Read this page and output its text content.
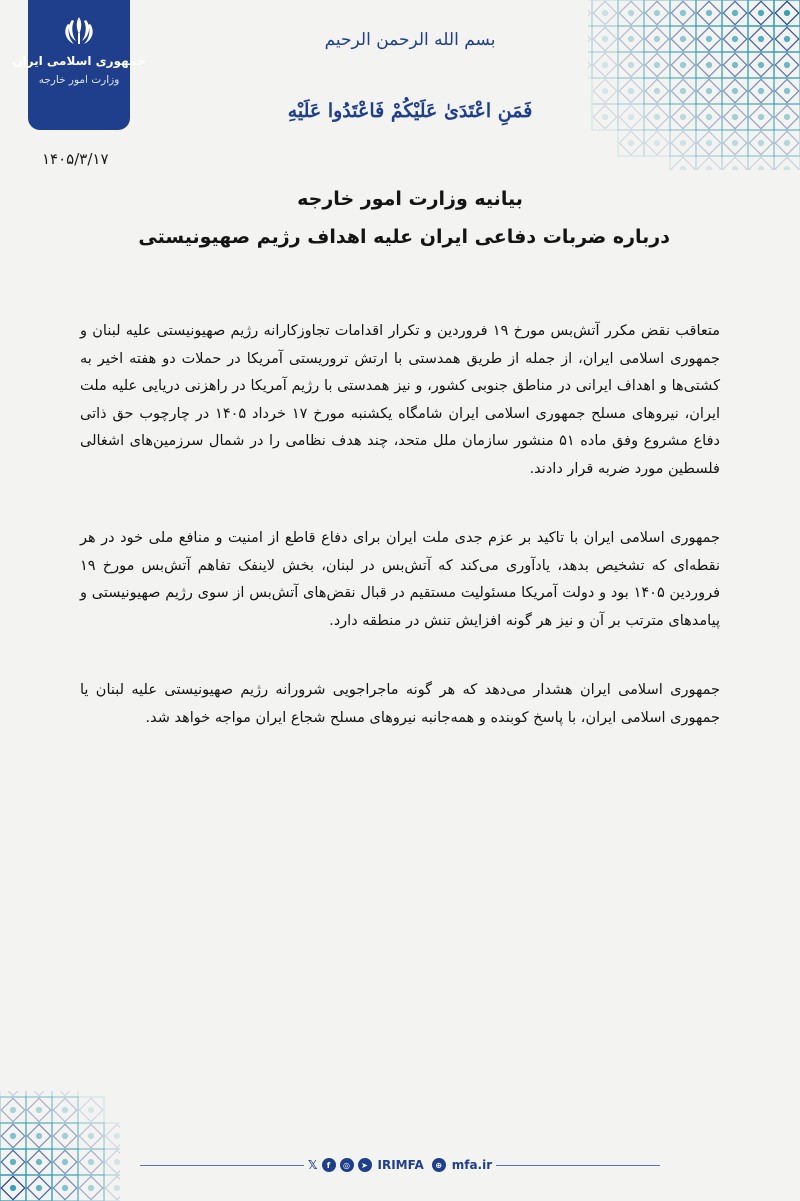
جمهوری اسلامی ایران
وزارت امور خارجه
۱۴۰۵/۳/۱۷
بسم الله الرحمن الرحیم
فَمَنِ اعْتَدَىٰ عَلَيْكُمْ فَاعْتَدُوا عَلَيْهِ
بیانیه وزارت امور خارجه
درباره ضربات دفاعی ایران علیه اهداف رژیم صهیونیستی

متعاقب نقض مکرر آتش‌بس مورخ ۱۹ فروردین و تکرار اقدامات تجاوزکارانه رژیم صهیونیستی علیه لبنان و جمهوری اسلامی ایران، از جمله از طریق همدستی با ارتش تروریستی آمریکا در حملات دو هفته اخیر به کشتی‌ها و اهداف ایرانی در مناطق جنوبی کشور، و نیز همدستی با رژیم آمریکا در راهزنی دریایی علیه ملت ایران، نیروهای مسلح جمهوری اسلامی ایران شامگاه یکشنبه مورخ ۱۷ خرداد ۱۴۰۵ در چارچوب حق ذاتی دفاع مشروع وفق ماده ۵۱ منشور سازمان ملل متحد، چند هدف نظامی را در شمال سرزمین‌های اشغالی فلسطین مورد ضربه قرار دادند.

جمهوری اسلامی ایران با تاکید بر عزم جدی ملت ایران برای دفاع قاطع از امنیت و منافع ملی خود در هر نقطه‌ای که تشخیص بدهد، یادآوری می‌کند که آتش‌بس در لبنان، بخش لاینفک تفاهم آتش‌بس مورخ ۱۹ فروردین ۱۴۰۵ بود و دولت آمریکا مسئولیت مستقیم در قبال نقض‌های آتش‌بس از سوی رژیم صهیونیستی و پیامدهای مترتب بر آن و نیز هر گونه افزایش تنش در منطقه دارد.

جمهوری اسلامی ایران هشدار می‌دهد که هر گونه ماجراجویی شرورانه رژیم صهیونیستی علیه لبنان یا جمهوری اسلامی ایران، با پاسخ کوبنده و همه‌جانبه نیروهای مسلح شجاع ایران مواجه خواهد شد.

𝕏	f	◎	➤ IRIMFA	⊕ mfa.ir
